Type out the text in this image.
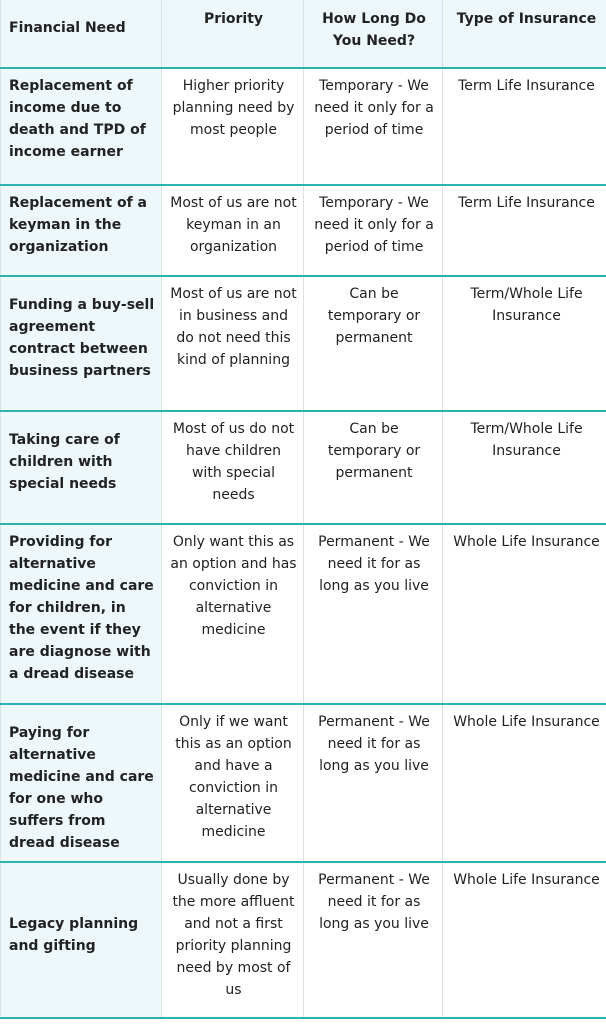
Financial Need	Priority	How Long Do You Need?	Type of Insurance

Replacement of income due to death and TPD of income earner	Higher priority planning need by most people	Temporary - We need it only for a period of time	Term Life Insurance

Replacement of a keyman in the organization	Most of us are not keyman in an organization	Temporary - We need it only for a period of time	Term Life Insurance

Funding a buy-sell agreement contract between business partners	Most of us are not in business and do not need this kind of planning	Can be temporary or permanent	Term/Whole Life Insurance

Taking care of children with special needs	Most of us do not have children with special needs	Can be temporary or permanent	Term/Whole Life Insurance

Providing for alternative medicine and care for children, in the event if they are diagnose with a dread disease	Only want this as an option and has conviction in alternative medicine	Permanent - We need it for as long as you live	Whole Life Insurance

Paying for alternative medicine and care for one who suffers from dread disease	Only if we want this as an option and have a conviction in alternative medicine	Permanent - We need it for as long as you live	Whole Life Insurance

Legacy planning and gifting	Usually done by the more affluent and not a first priority planning need by most of us	Permanent - We need it for as long as you live	Whole Life Insurance
